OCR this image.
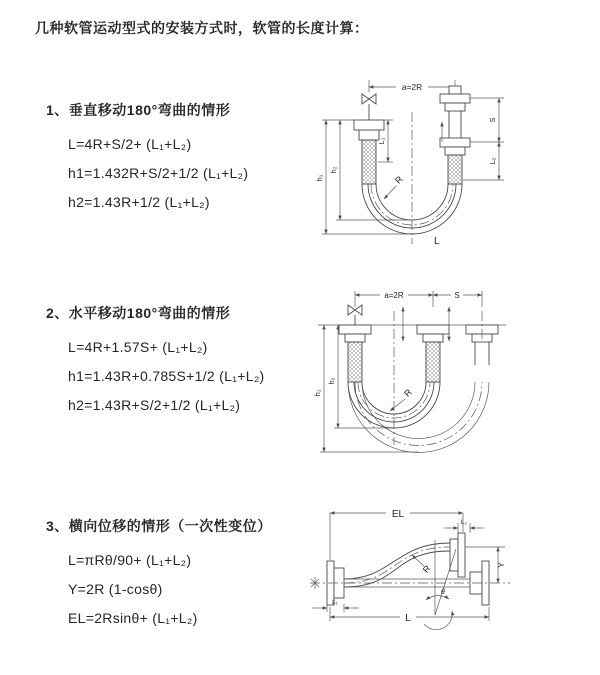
几种软管运动型式的安装方式时，软管的长度计算：
1、垂直移动180°弯曲的情形
L=4R+S/2+ (L₁+L₂)
h1=1.432R+S/2+1/2 (L₁+L₂)
h2=1.43R+1/2 (L₁+L₂)
2、水平移动180°弯曲的情形
L=4R+1.57S+ (L₁+L₂)
h1=1.43R+0.785S+1/2 (L₁+L₂)
h2=1.43R+S/2+1/2 (L₁+L₂)
3、横向位移的情形（一次性变位）
L=πRθ/90+ (L₁+L₂)
Y=2R (1-cosθ)
EL=2Rsinθ+ (L₁+L₂)
a=2R
L₁
S
L₂
h₁
h₂
R
L
a=2R	S
h₁
h₂
R
EL
L₂
Y
θ
R
L₁
L
